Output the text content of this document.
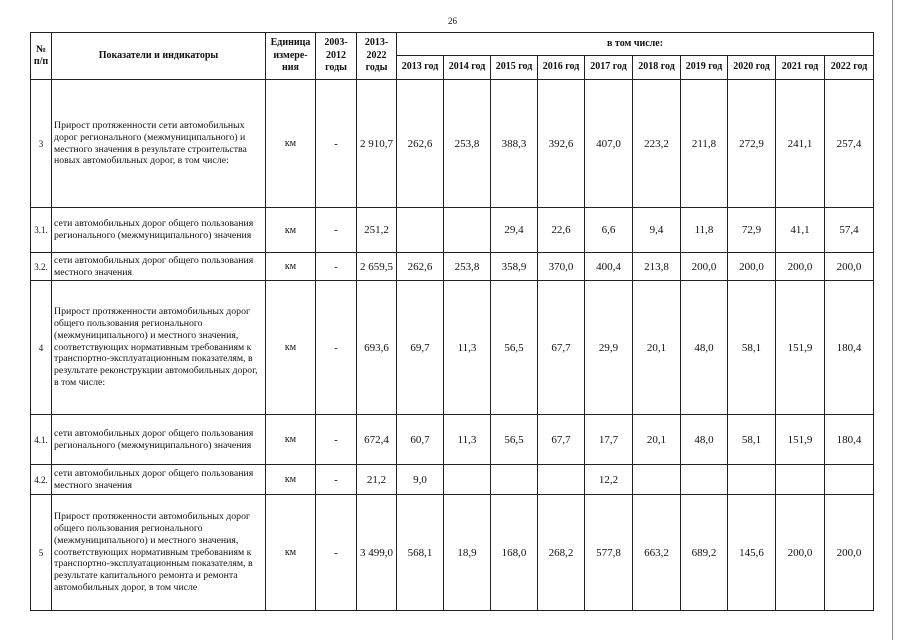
26
№ п/п	Показатели и индикаторы	Единица измере-ния	2003-2012 годы	2013-2022 годы	в том числе:									
					2013 год	2014 год	2015 год	2016 год	2017 год	2018 год	2019 год	2020 год	2021 год	2022 год
3	Прирост протяженности сети автомобильных дорог регионального (межмуниципального) и местного значения в результате строительства новых автомобильных дорог, в том числе:	км	-	2 910,7	262,6	253,8	388,3	392,6	407,0	223,2	211,8	272,9	241,1	257,4
3.1.	сети автомобильных дорог общего пользования регионального (межмуниципального) значения	км	-	251,2			29,4	22,6	6,6	9,4	11,8	72,9	41,1	57,4
3.2.	сети автомобильных дорог общего пользования местного значения	км	-	2 659,5	262,6	253,8	358,9	370,0	400,4	213,8	200,0	200,0	200,0	200,0
4	Прирост протяженности автомобильных дорог общего пользования регионального (межмуниципального) и местного значения, соответствующих нормативным требованиям к транспортно-эксплуатационным показателям, в результате реконструкции автомобильных дорог, в том числе:	км	-	693,6	69,7	11,3	56,5	67,7	29,9	20,1	48,0	58,1	151,9	180,4
4.1.	сети автомобильных дорог общего пользования регионального (межмуниципального) значения	км	-	672,4	60,7	11,3	56,5	67,7	17,7	20,1	48,0	58,1	151,9	180,4
4.2.	сети автомобильных дорог общего пользования местного значения	км	-	21,2	9,0				12,2					
5	Прирост протяженности автомобильных дорог общего пользования регионального (межмуниципального) и местного значения, соответствующих нормативным требованиям к транспортно-эксплуатационным показателям, в результате капитального ремонта и ремонта автомобильных дорог, в том числе	км	-	3 499,0	568,1	18,9	168,0	268,2	577,8	663,2	689,2	145,6	200,0	200,0
